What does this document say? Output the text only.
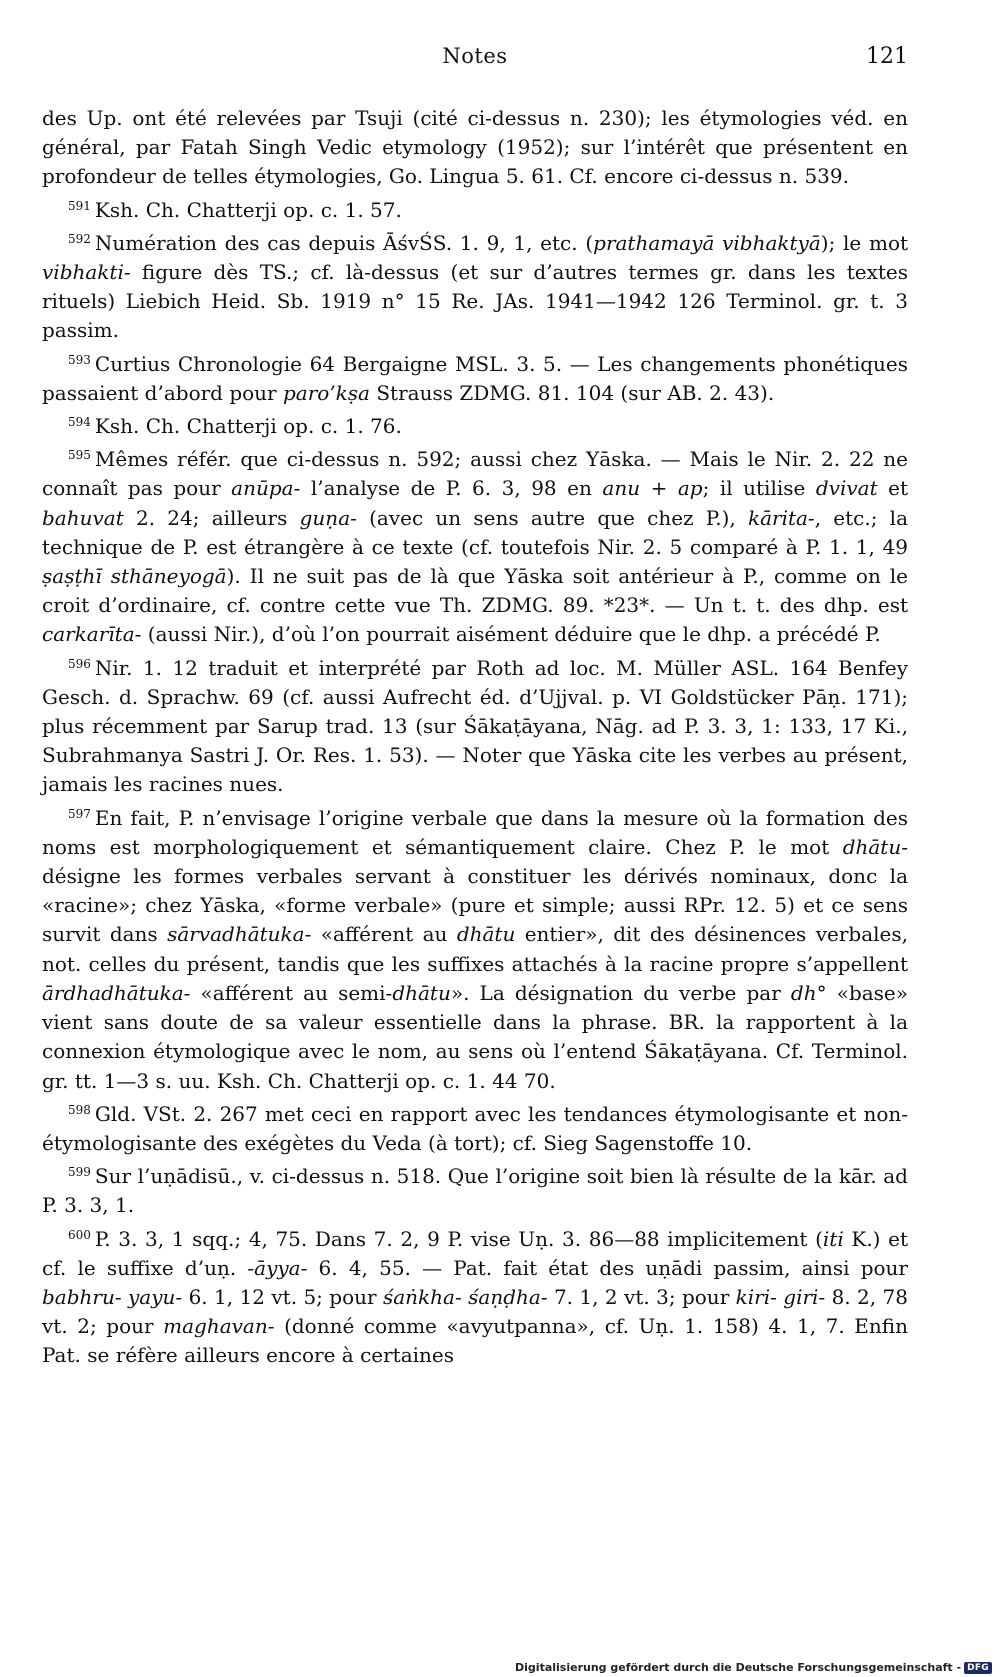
Notes	121

des Up. ont été relevées par Tsuji (cité ci-dessus n. 230); les étymologies véd. en général, par Fatah Singh Vedic etymology (1952); sur l’intérêt que présentent en profondeur de telles étymologies, Go. Lingua 5. 61. Cf. encore ci-dessus n. 539.

$^{591}$ Ksh. Ch. Chatterji op. c. 1. 57.

$^{592}$ Numération des cas depuis ĀśvŚS. 1. 9, 1, etc. (prathamayā vibhaktyā); le mot vibhakti- figure dès TS.; cf. là-dessus (et sur d’autres termes gr. dans les textes rituels) Liebich Heid. Sb. 1919 n° 15 Re. JAs. 1941—1942 126 Terminol. gr. t. 3 passim.

$^{593}$ Curtius Chronologie 64 Bergaigne MSL. 3. 5. — Les changements phonétiques passaient d’abord pour paro’kṣa Strauss ZDMG. 81. 104 (sur AB. 2. 43).

$^{594}$ Ksh. Ch. Chatterji op. c. 1. 76.

$^{595}$ Mêmes référ. que ci-dessus n. 592; aussi chez Yāska. — Mais le Nir. 2. 22 ne connaît pas pour anūpa- l’analyse de P. 6. 3, 98 en anu + ap; il utilise dvivat et bahuvat 2. 24; ailleurs guṇa- (avec un sens autre que chez P.), kārita-, etc.; la technique de P. est étrangère à ce texte (cf. toutefois Nir. 2. 5 comparé à P. 1. 1, 49 ṣaṣṭhī sthāneyogā). Il ne suit pas de là que Yāska soit antérieur à P., comme on le croit d’ordinaire, cf. contre cette vue Th. ZDMG. 89. *23*. — Un t. t. des dhp. est carkarīta- (aussi Nir.), d’où l’on pourrait aisément déduire que le dhp. a précédé P.

$^{596}$ Nir. 1. 12 traduit et interprété par Roth ad loc. M. Müller ASL. 164 Benfey Gesch. d. Sprachw. 69 (cf. aussi Aufrecht éd. d’Ujjval. p. VI Goldstücker Pāṇ. 171); plus récemment par Sarup trad. 13 (sur Śākaṭāyana, Nāg. ad P. 3. 3, 1: 133, 17 Ki., Subrahmanya Sastri J. Or. Res. 1. 53). — Noter que Yāska cite les verbes au présent, jamais les racines nues.

$^{597}$ En fait, P. n’envisage l’origine verbale que dans la mesure où la formation des noms est morphologiquement et sémantiquement claire. Chez P. le mot dhātu- désigne les formes verbales servant à constituer les dérivés nominaux, donc la «racine»; chez Yāska, «forme verbale» (pure et simple; aussi RPr. 12. 5) et ce sens survit dans sārvadhātuka- «afférent au dhātu entier», dit des désinences verbales, not. celles du présent, tandis que les suffixes attachés à la racine propre s’appellent ārdhadhātuka- «afférent au semi-dhātu». La désignation du verbe par dh° «base» vient sans doute de sa valeur essentielle dans la phrase. BR. la rapportent à la connexion étymologique avec le nom, au sens où l’entend Śākaṭāyana. Cf. Terminol. gr. tt. 1—3 s. uu. Ksh. Ch. Chatterji op. c. 1. 44 70.

$^{598}$ Gld. VSt. 2. 267 met ceci en rapport avec les tendances étymologisante et non-étymologisante des exégètes du Veda (à tort); cf. Sieg Sagenstoffe 10.

$^{599}$ Sur l’uṇādisū., v. ci-dessus n. 518. Que l’origine soit bien là résulte de la kār. ad P. 3. 3, 1.

$^{600}$ P. 3. 3, 1 sqq.; 4, 75. Dans 7. 2, 9 P. vise Uṇ. 3. 86—88 implicitement (iti K.) et cf. le suffixe d’uṇ. -āyya- 6. 4, 55. — Pat. fait état des uṇādi passim, ainsi pour babhru- yayu- 6. 1, 12 vt. 5; pour śaṅkha- śaṇḍha- 7. 1, 2 vt. 3; pour kiri- giri- 8. 2, 78 vt. 2; pour maghavan- (donné comme «avyutpanna», cf. Uṇ. 1. 158) 4. 1, 7. Enfin Pat. se réfère ailleurs encore à certaines

Digitalisierung gefördert durch die Deutsche Forschungsgemeinschaft - DFG
